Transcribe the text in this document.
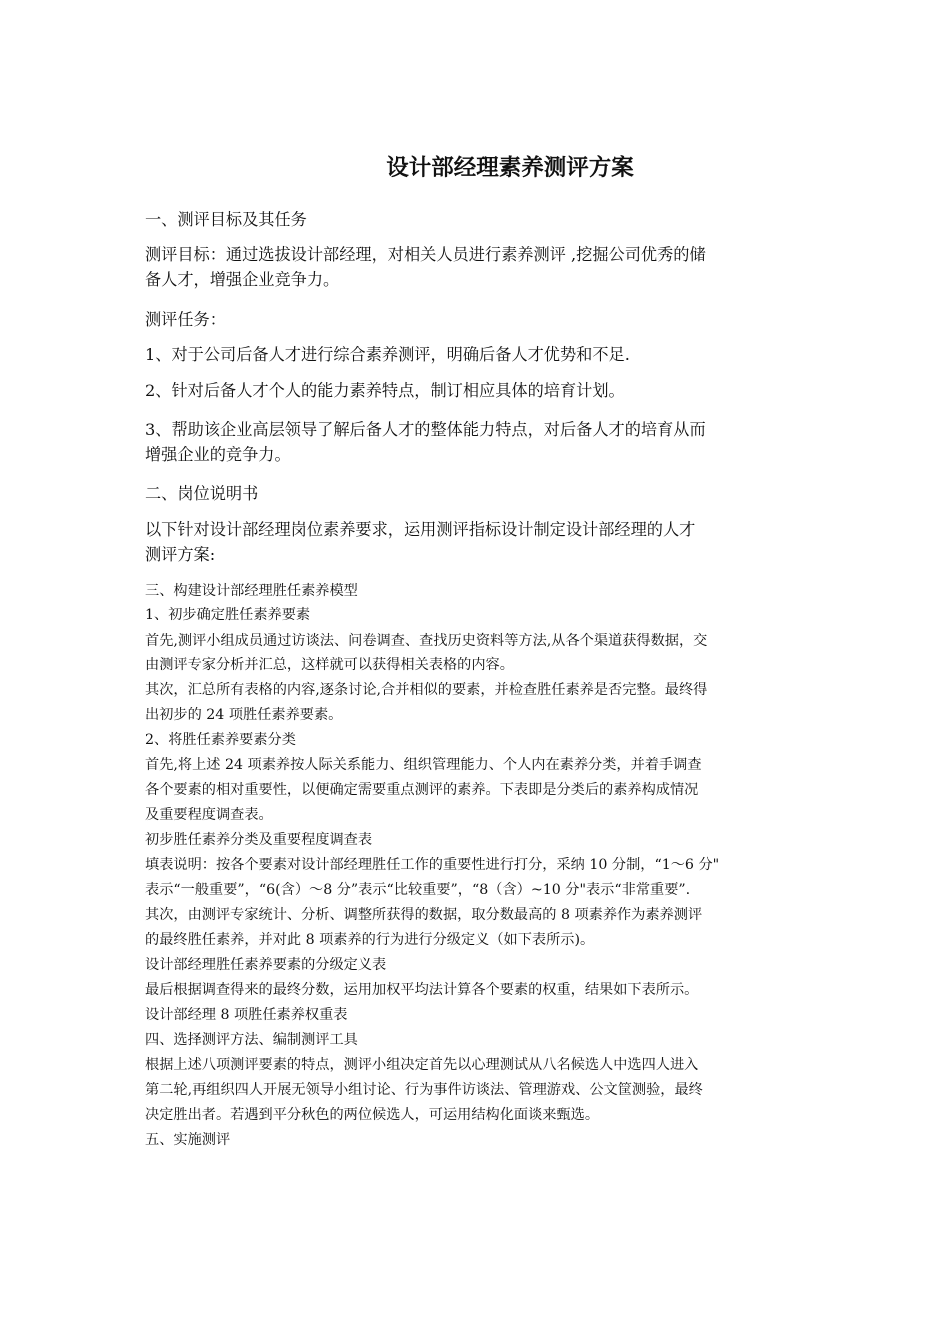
设计部经理素养测评方案

一、测评目标及其任务

测评目标：通过选拔设计部经理，对相关人员进行素养测评 ,挖掘公司优秀的储

备人才，增强企业竞争力。

测评任务：

1、对于公司后备人才进行综合素养测评，明确后备人才优势和不足.

2、针对后备人才个人的能力素养特点，制订相应具体的培育计划。

3、帮助该企业高层领导了解后备人才的整体能力特点，对后备人才的培育从而

增强企业的竞争力。

二、岗位说明书

以下针对设计部经理岗位素养要求，运用测评指标设计制定设计部经理的人才

测评方案:

三、构建设计部经理胜任素养模型

1、初步确定胜任素养要素

首先,测评小组成员通过访谈法、问卷调查、查找历史资料等方法,从各个渠道获得数据，交

由测评专家分析并汇总，这样就可以获得相关表格的内容。

其次，汇总所有表格的内容,逐条讨论,合并相似的要素，并检查胜任素养是否完整。最终得

出初步的 24 项胜任素养要素。

2、将胜任素养要素分类

首先,将上述 24 项素养按人际关系能力、组织管理能力、个人内在素养分类，并着手调查

各个要素的相对重要性，以便确定需要重点测评的素养。下表即是分类后的素养构成情况

及重要程度调查表。

初步胜任素养分类及重要程度调查表

填表说明：按各个要素对设计部经理胜任工作的重要性进行打分，采纳 10 分制，“1～6 分"

表示“一般重要”，“6(含）～8 分”表示“比较重要”，“8（含）~10 分"表示“非常重要”.

其次，由测评专家统计、分析、调整所获得的数据，取分数最高的 8 项素养作为素养测评

的最终胜任素养，并对此 8 项素养的行为进行分级定义（如下表所示)。

设计部经理胜任素养要素的分级定义表

最后根据调查得来的最终分数，运用加权平均法计算各个要素的权重，结果如下表所示。

设计部经理 8 项胜任素养权重表

四、选择测评方法、编制测评工具

根据上述八项测评要素的特点，测评小组决定首先以心理测试从八名候选人中选四人进入

第二轮,再组织四人开展无领导小组讨论、行为事件访谈法、管理游戏、公文筐测验，最终

决定胜出者。若遇到平分秋色的两位候选人，可运用结构化面谈来甄选。

五、实施测评
